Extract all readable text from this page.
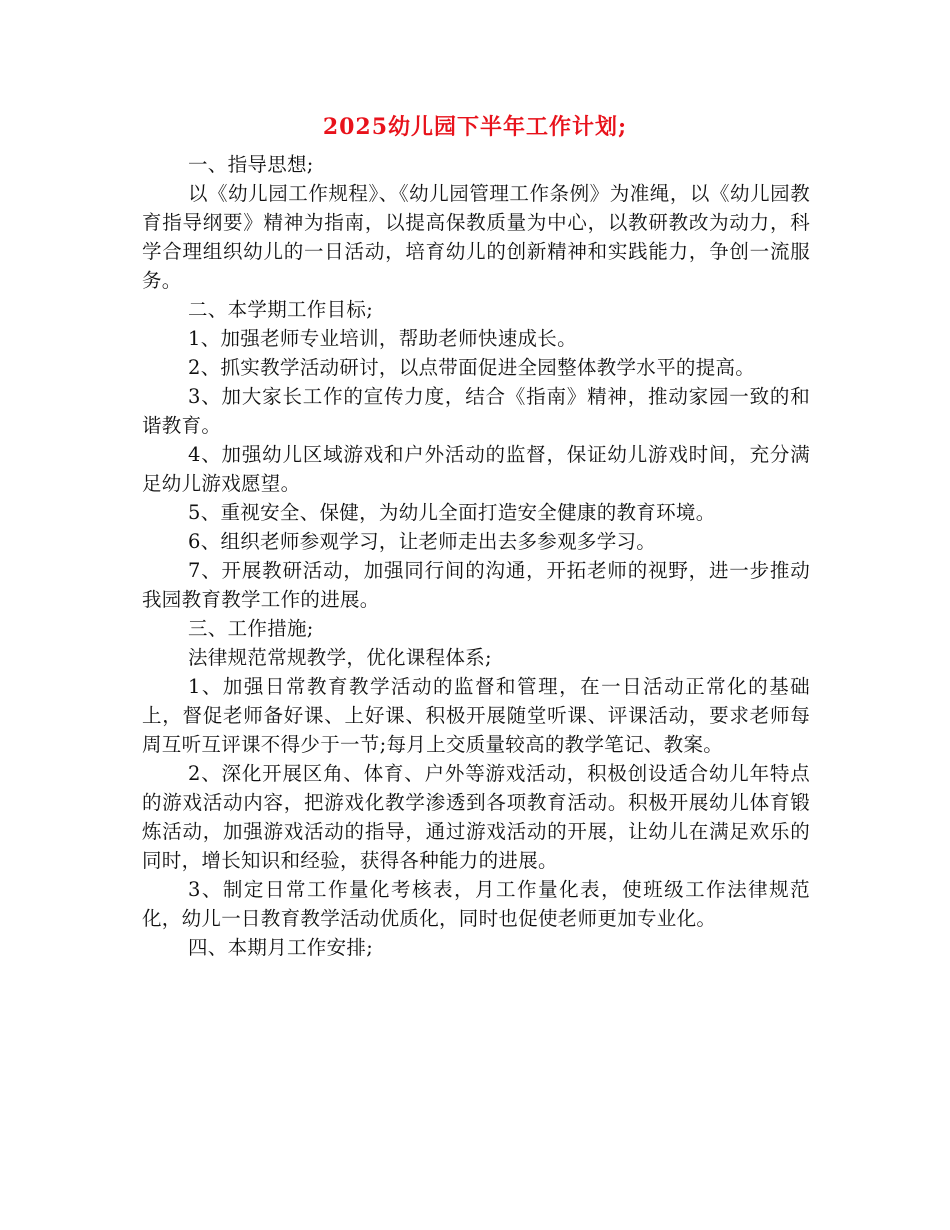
2025幼儿园下半年工作计划;

一、指导思想;

以《幼儿园工作规程》、《幼儿园管理工作条例》为准绳，以《幼儿园教育指导纲要》精神为指南，以提高保教质量为中心，以教研教改为动力，科学合理组织幼儿的一日活动，培育幼儿的创新精神和实践能力，争创一流服务。

二、本学期工作目标;

1、加强老师专业培训，帮助老师快速成长。

2、抓实教学活动研讨，以点带面促进全园整体教学水平的提高。

3、加大家长工作的宣传力度，结合《指南》精神，推动家园一致的和谐教育。

4、加强幼儿区域游戏和户外活动的监督，保证幼儿游戏时间，充分满足幼儿游戏愿望。

5、重视安全、保健，为幼儿全面打造安全健康的教育环境。

6、组织老师参观学习，让老师走出去多参观多学习。

7、开展教研活动，加强同行间的沟通，开拓老师的视野，进一步推动我园教育教学工作的进展。

三、工作措施;

法律规范常规教学，优化课程体系;

1、加强日常教育教学活动的监督和管理，在一日活动正常化的基础上，督促老师备好课、上好课、积极开展随堂听课、评课活动，要求老师每周互听互评课不得少于一节;每月上交质量较高的教学笔记、教案。

2、深化开展区角、体育、户外等游戏活动，积极创设适合幼儿年特点的游戏活动内容，把游戏化教学渗透到各项教育活动。积极开展幼儿体育锻炼活动，加强游戏活动的指导，通过游戏活动的开展，让幼儿在满足欢乐的同时，增长知识和经验，获得各种能力的进展。

3、制定日常工作量化考核表，月工作量化表，使班级工作法律规范化，幼儿一日教育教学活动优质化，同时也促使老师更加专业化。

四、本期月工作安排;
